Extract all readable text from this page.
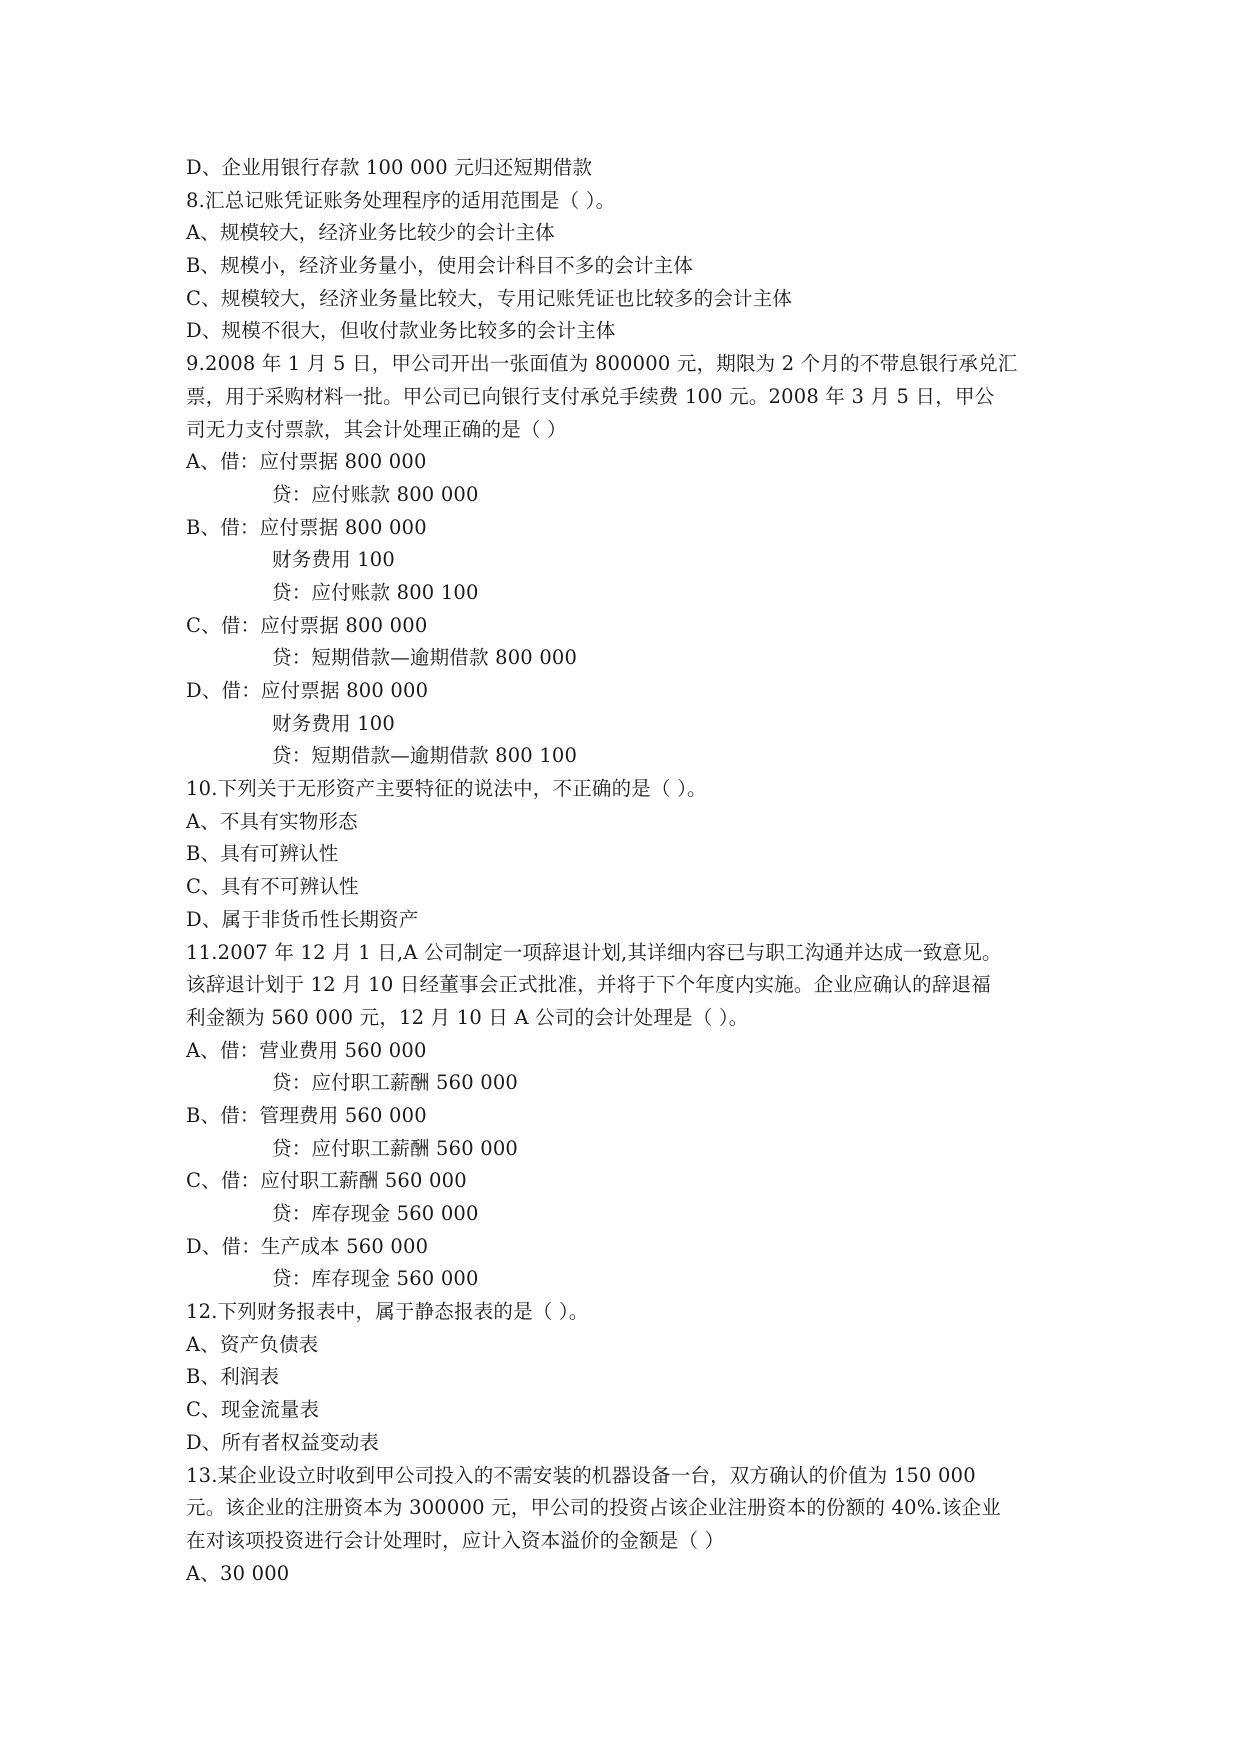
D、企业用银行存款 100 000 元归还短期借款
8.汇总记账凭证账务处理程序的适用范围是（ ）。
A、规模较大，经济业务比较少的会计主体
B、规模小，经济业务量小，使用会计科目不多的会计主体
C、规模较大，经济业务量比较大，专用记账凭证也比较多的会计主体
D、规模不很大，但收付款业务比较多的会计主体
9.2008 年 1 月 5 日，甲公司开出一张面值为 800000 元，期限为 2 个月的不带息银行承兑汇
票，用于采购材料一批。甲公司已向银行支付承兑手续费 100 元。2008 年 3 月 5 日，甲公
司无力支付票款，其会计处理正确的是（ ）
A、借：应付票据 800 000
贷：应付账款 800 000
B、借：应付票据 800 000
财务费用 100
贷：应付账款 800 100
C、借：应付票据 800 000
贷：短期借款—逾期借款 800 000
D、借：应付票据 800 000
财务费用 100
贷：短期借款—逾期借款 800 100
10.下列关于无形资产主要特征的说法中，不正确的是（ ）。
A、不具有实物形态
B、具有可辨认性
C、具有不可辨认性
D、属于非货币性长期资产
11.2007 年 12 月 1 日,A 公司制定一项辞退计划,其详细内容已与职工沟通并达成一致意见。
该辞退计划于 12 月 10 日经董事会正式批准，并将于下个年度内实施。企业应确认的辞退福
利金额为 560 000 元，12 月 10 日 A 公司的会计处理是（ ）。
A、借：营业费用 560 000
贷：应付职工薪酬 560 000
B、借：管理费用 560 000
贷：应付职工薪酬 560 000
C、借：应付职工薪酬 560 000
贷：库存现金 560 000
D、借：生产成本 560 000
贷：库存现金 560 000
12.下列财务报表中，属于静态报表的是（ ）。
A、资产负债表
B、利润表
C、现金流量表
D、所有者权益变动表
13.某企业设立时收到甲公司投入的不需安装的机器设备一台，双方确认的价值为 150 000
元。该企业的注册资本为 300000 元，甲公司的投资占该企业注册资本的份额的 40%.该企业
在对该项投资进行会计处理时，应计入资本溢价的金额是（ ）
A、30 000
